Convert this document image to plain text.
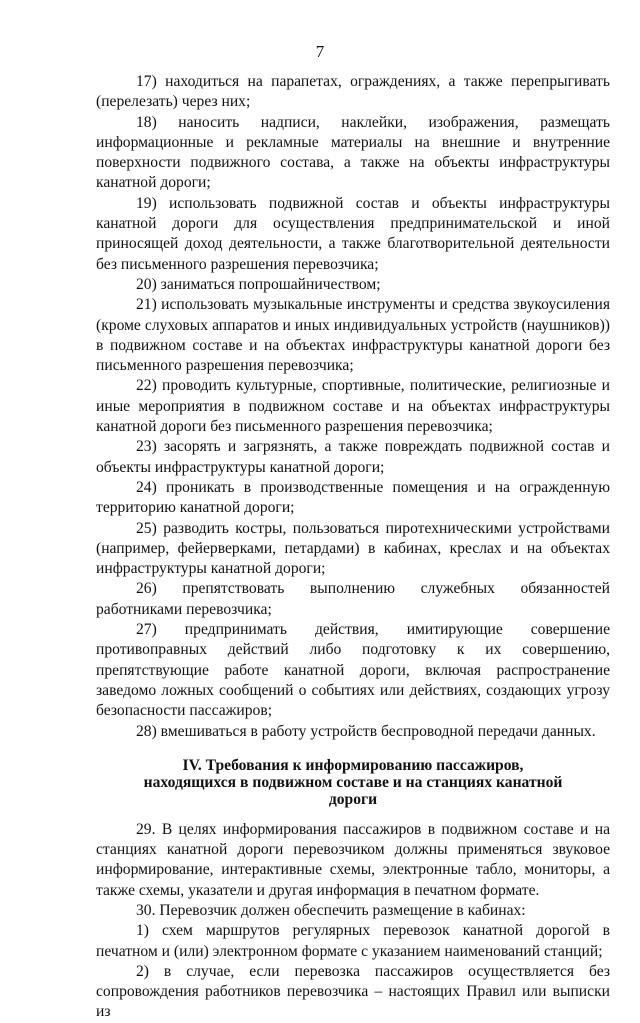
7

17) находиться на парапетах, ограждениях, а также перепрыгивать (перелезать) через них;

18) наносить надписи, наклейки, изображения, размещать информационные и рекламные материалы на внешние и внутренние поверхности подвижного состава, а также на объекты инфраструктуры канатной дороги;

19) использовать подвижной состав и объекты инфраструктуры канатной дороги для осуществления предпринимательской и иной приносящей доход деятельности, а также благотворительной деятельности без письменного разрешения перевозчика;

20) заниматься попрошайничеством;

21) использовать музыкальные инструменты и средства звукоусиления (кроме слуховых аппаратов и иных индивидуальных устройств (наушников)) в подвижном составе и на объектах инфраструктуры канатной дороги без письменного разрешения перевозчика;

22) проводить культурные, спортивные, политические, религиозные и иные мероприятия в подвижном составе и на объектах инфраструктуры канатной дороги без письменного разрешения перевозчика;

23) засорять и загрязнять, а также повреждать подвижной состав и объекты инфраструктуры канатной дороги;

24) проникать в производственные помещения и на огражденную территорию канатной дороги;

25) разводить костры, пользоваться пиротехническими устройствами (например, фейерверками, петардами) в кабинах, креслах и на объектах инфраструктуры канатной дороги;

26) препятствовать выполнению служебных обязанностей работниками перевозчика;

27) предпринимать действия, имитирующие совершение противоправных действий либо подготовку к их совершению, препятствующие работе канатной дороги, включая распространение заведомо ложных сообщений о событиях или действиях, создающих угрозу безопасности пассажиров;

28) вмешиваться в работу устройств беспроводной передачи данных.

IV. Требования к информированию пассажиров,
находящихся в подвижном составе и на станциях канатной
дороги

29. В целях информирования пассажиров в подвижном составе и на станциях канатной дороги перевозчиком должны применяться звуковое информирование, интерактивные схемы, электронные табло, мониторы, а также схемы, указатели и другая информация в печатном формате.

30. Перевозчик должен обеспечить размещение в кабинах:

1) схем маршрутов регулярных перевозок канатной дорогой в печатном и (или) электронном формате с указанием наименований станций;

2) в случае, если перевозка пассажиров осуществляется без сопровождения работников перевозчика – настоящих Правил или выписки из
